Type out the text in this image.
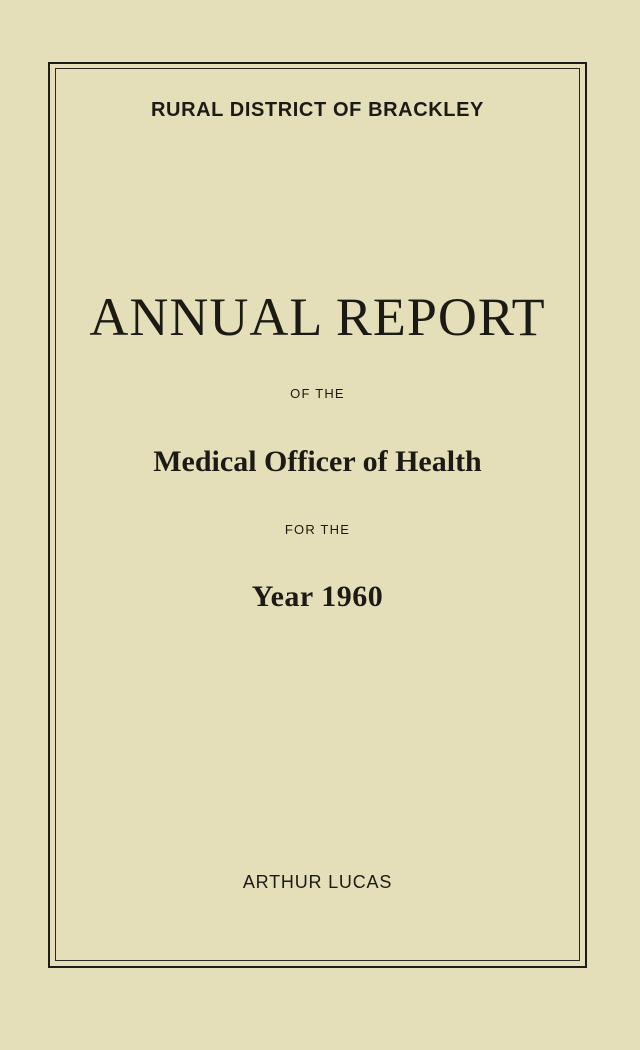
RURAL DISTRICT OF BRACKLEY
ANNUAL REPORT
OF THE
Medical Officer of Health
FOR THE
Year 1960
ARTHUR LUCAS
